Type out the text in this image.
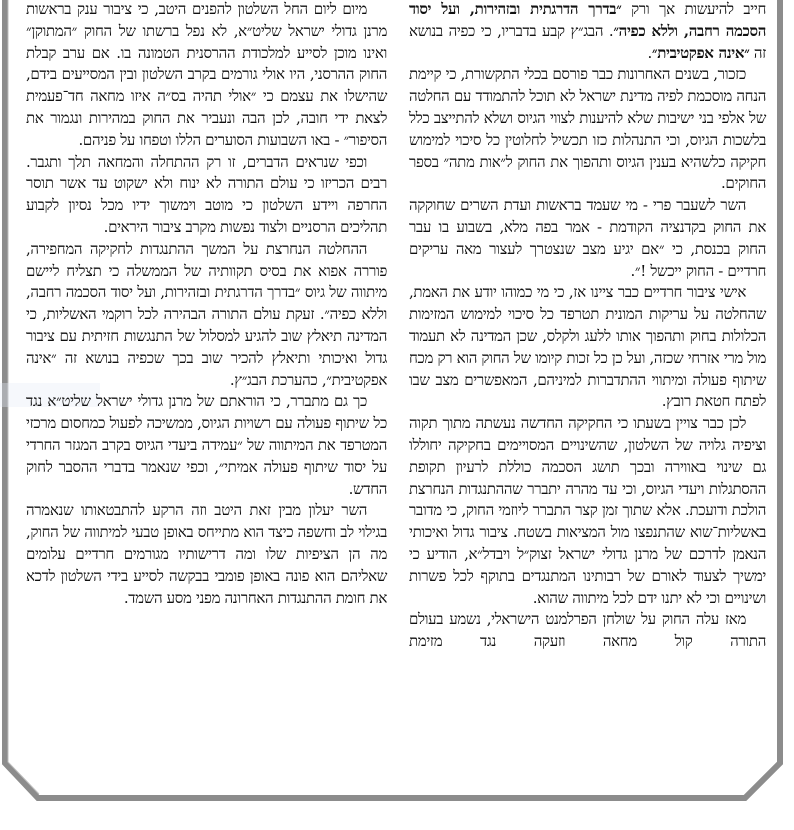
חייב להיעשות אך ורק ״בדרך הדרגתית ובזהירות, ועל יסוד הסכמה רחבה, וללא כפיה״. הבג״ץ קבע בדבריו, כי כפיה בנושא זה ״אינה אפקטיבית״.

כזכור, בשנים האחרונות כבר פורסם בכלי התקשורת, כי קיימת הנחה מוסכמת לפיה מדינת ישראל לא תוכל להתמודד עם החלטה של אלפי בני ישיבות שלא להיענות לצווי הגיוס ושלא להתייצב כלל בלשכות הגיוס, וכי התנהלות כזו תכשיל לחלוטין כל סיכוי למימוש חקיקה כלשהיא בענין הגיוס ותהפוך את החוק ל״אות מתה״ בספר החוקים.

השר לשעבר פרי - מי שעמד בראשות ועדת השרים שחוקקה את החוק בקדנציה הקודמת - אמר בפה מלא, בשבוע בו עבר החוק בכנסת, כי ״אם יגיע מצב שנצטרך לעצור מאה עריקים חרדיים - החוק ייכשל !״.

אישי ציבור חרדיים כבר ציינו אז, כי מי כמוהו יודע את האמת, שהחלטה על עריקות המונית תטרפד כל סיכוי למימוש המזימות הכלולות בחוק ותהפוך אותו ללעג ולקלס, שכן המדינה לא תעמוד מול מרי אזרחי שכזה, ועל כן כל זכות קיומו של החוק הוא רק מכח שיתוף פעולה ומיתווי ההתדברות למיניהם, המאפשרים מצב שבו לפתח חטאת רובץ.

לכן כבר צויין בשעתו כי החקיקה החדשה נעשתה מתוך תקוה וציפיה גלויה של השלטון, שהשינויים המסויימים בחקיקה יחוללו גם שינוי באווירה ובכך תושג הסכמה כוללת לרעיון תקופת ההסתגלות ויעדי הגיוס, וכי עד מהרה יתברר שההתנגדות הנחרצת הולכת ודועכת. אלא שתוך זמן קצר התברר ליוזמי החוק, כי מדובר באשליות־שוא שהתנפצו מול המציאות בשטח. ציבור גדול ואיכותי הנאמן לדרכם של מרנן גדולי ישראל זצוק״ל ויבדל״א, הודיע כי ימשיך לצעוד לאורם של רבותינו המתנגדים בתוקף לכל פשרות ושינויים וכי לא יתנו ידם לכל מיתווה שהוא.

מאז עלה החוק על שולחן הפרלמנט הישראלי, נשמע בעולם התורה קול מחאה וזעקה נגד מזימת

מיום ליום החל השלטון להפנים היטב, כי ציבור ענק בראשות מרנן גדולי ישראל שליט״א, לא נפל ברשתו של החוק ״המתוקן״ ואינו מוכן לסייע למלכודת ההרסנית הטמונה בו. אם ערב קבלת החוק ההרסני, היו אולי גורמים בקרב השלטון ובין המסייעים בידם, שהישלו את עצמם כי ״אולי תהיה בס״ה איזו מחאה חד־פעמית לצאת ידי חובה, לכן הבה ונעביר את החוק במהירות ונגמור את הסיפור״ - באו השבועות הסוערים הללו וטפחו על פניהם.

וכפי שנראים הדברים, זו רק ההתחלה והמחאה תלך ותגבר. רבים הכריזו כי עולם התורה לא ינוח ולא ישקוט עד אשר תוסר החרפה ויידע השלטון כי מוטב וימשוך ידיו מכל נסיון לקבוע תהליכים הרסניים ולצוד נפשות מקרב ציבור היראים.

ההחלטה הנחרצת על המשך ההתנגדות לחקיקה המחפירה, פוררה אפוא את בסיס תקוותיה של הממשלה כי תצליח ליישם מיתווה של גיוס ״בדרך הדרגתית ובזהירות, ועל יסוד הסכמה רחבה, וללא כפיה״. זעקת עולם התורה הבהירה לכל רוקמי האשליות, כי המדינה תיאלץ שוב להגיע למסלול של התנגשות חזיתית עם ציבור גדול ואיכותי ותיאלץ להכיר שוב בכך שכפיה בנושא זה ״אינה אפקטיבית״, כהערכת הבג״ץ.

כך גם מתברר, כי הוראתם של מרנן גדולי ישראל שליט״א נגד כל שיתוף פעולה עם רשויות הגיוס, ממשיכה לפעול כמחסום מרכזי המטרפד את המיתווה של ״עמידה ביעדי הגיוס בקרב המגזר החרדי על יסוד שיתוף פעולה אמיתי״, וכפי שנאמר בדברי ההסבר לחוק החדש.

השר יעלון מבין זאת היטב וזה הרקע להתבטאותו שנאמרה בגילוי לב וחשפה כיצד הוא מתייחס באופן טבעי למיתווה של החוק, מה הן הציפיות שלו ומה דרישותיו מגורמים חרדיים עלומים שאליהם הוא פונה באופן פומבי בבקשה לסייע בידי השלטון לדכא את חומת ההתנגדות האחרונה מפני מסע השמד.
